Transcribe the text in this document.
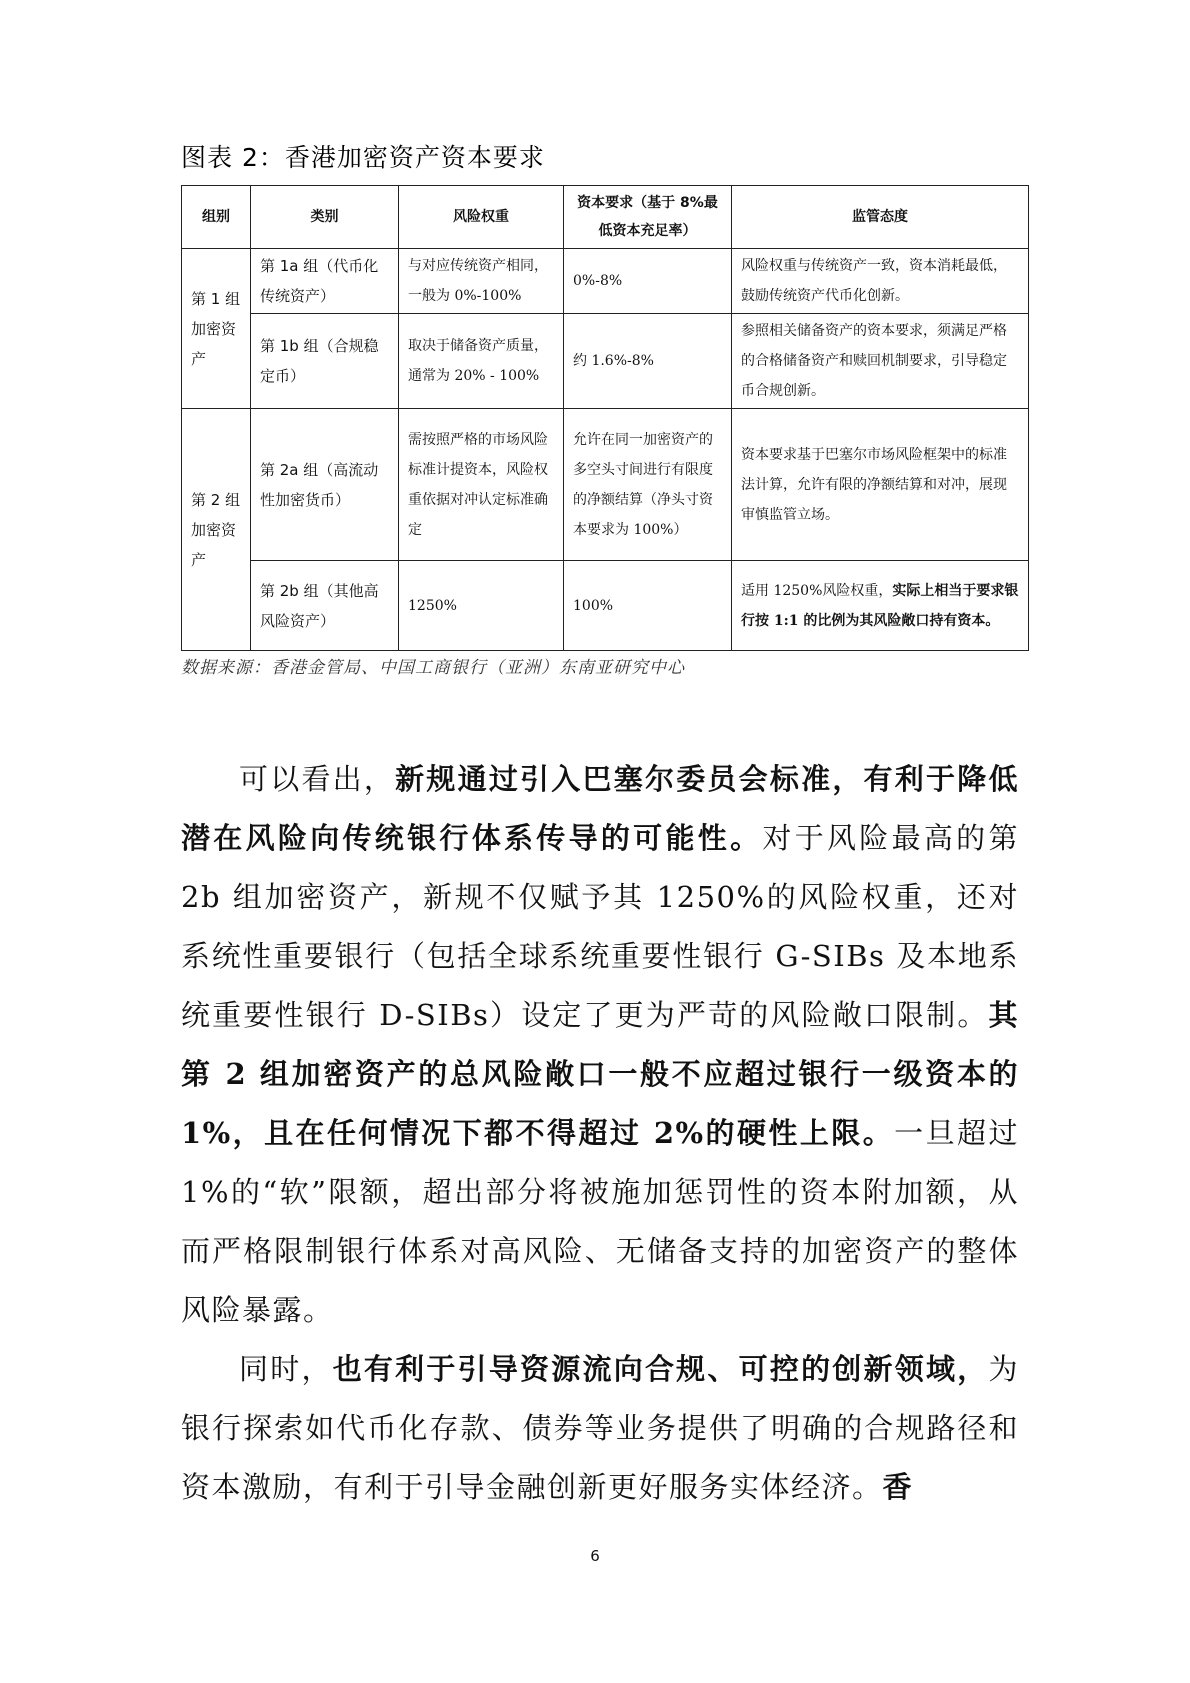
图表 2：香港加密资产资本要求
组别	类别	风险权重	资本要求（基于 8%最低资本充足率）	监管态度
第 1 组加密资产	第 1a 组（代币化传统资产）	与对应传统资产相同，一般为 0%-100%	0%-8%	风险权重与传统资产一致，资本消耗最低，鼓励传统资产代币化创新。
	第 1b 组（合规稳定币）	取决于储备资产质量，通常为 20% - 100%	约 1.6%-8%	参照相关储备资产的资本要求，须满足严格的合格储备资产和赎回机制要求，引导稳定币合规创新。
第 2 组加密资产	第 2a 组（高流动性加密货币）	需按照严格的市场风险标准计提资本，风险权重依据对冲认定标准确定	允许在同一加密资产的多空头寸间进行有限度的净额结算（净头寸资本要求为 100%）	资本要求基于巴塞尔市场风险框架中的标准法计算，允许有限的净额结算和对冲，展现审慎监管立场。
	第 2b 组（其他高风险资产）	1250%	100%	适用 1250%风险权重，实际上相当于要求银行按 1:1 的比例为其风险敞口持有资本。
数据来源：香港金管局、中国工商银行（亚洲）东南亚研究中心

可以看出，新规通过引入巴塞尔委员会标准，有利于降低潜在风险向传统银行体系传导的可能性。对于风险最高的第 2b 组加密资产，新规不仅赋予其 1250%的风险权重，还对系统性重要银行（包括全球系统重要性银行 G-SIBs 及本地系统重要性银行 D-SIBs）设定了更为严苛的风险敞口限制。其第 2 组加密资产的总风险敞口一般不应超过银行一级资本的 1%，且在任何情况下都不得超过 2%的硬性上限。一旦超过 1%的“软”限额，超出部分将被施加惩罚性的资本附加额，从而严格限制银行体系对高风险、无储备支持的加密资产的整体风险暴露。

同时，也有利于引导资源流向合规、可控的创新领域，为银行探索如代币化存款、债券等业务提供了明确的合规路径和资本激励，有利于引导金融创新更好服务实体经济。香

6
